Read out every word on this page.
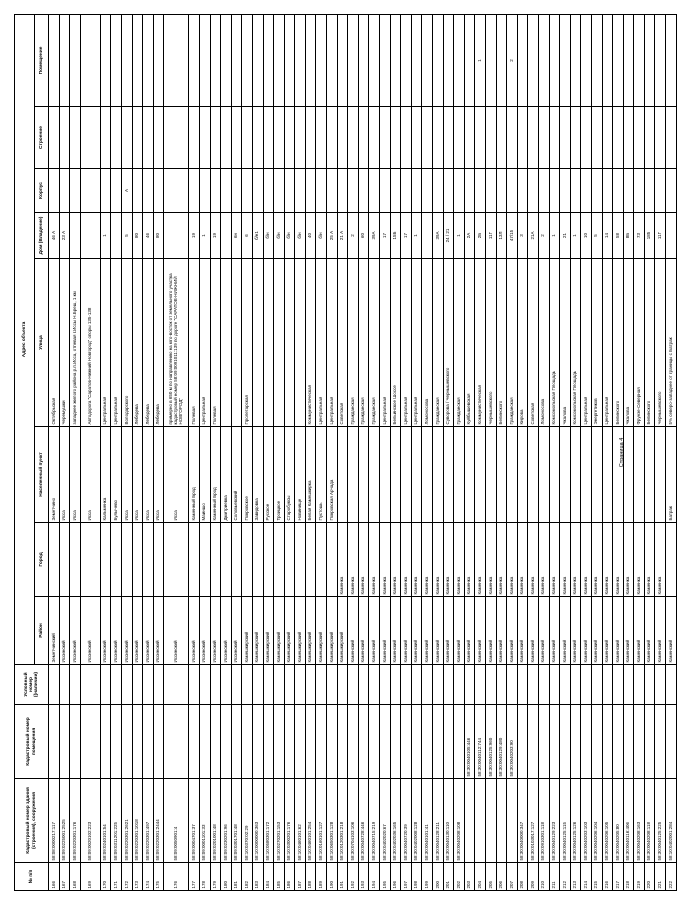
№ п/п	Кадастровый номер здания (строения), сооружения	Кадастровый номер помещения	Условный номер ((наличии)	Адрес объекта							
				Район	Город	Населенный пункт	Улица	Дом (Владение)	Корпус	Строение	Помещение
166	58:08:0000217:117			Земетчинский		Земетчино	Октябрьская	46 А			
167	58:09:0225001:2525			Иссинский		Исса	Черемушки	23 А			
168	58:09:0220301:176			Иссинский		Исса	западнее жилого района р.п.Исса, отпевая г.Иссы Н.Бреш, 1 км				
169	58:09:0020102:223			Иссинский		Исса	Автодорога "Саратов-Нижний Новгород" опоры 135-138				
170	58:09:0240101:54			Иссинский		Кальменка	Центральная	1			
171	58:09:0311201:225			Иссинский		Булычево	Центральная				
172	58:09:0220301:2621			Иссинский		Исса	Володарского	5	А		
173	58:09:0220301:1018			Иссинский		Исса	Лебедева	80			
174	58:09:0220301:497			Иссинский		Исса	Лебедева	46			
175	58:09:0220301:2444			Иссинский		Исса	Лебедева	80			
176	58:09:0050901:4			Иссинский		Исса	примерно в 650 м по направлению на юго-восток от земельного участка кадастровый номер 58:09:0091011:139 по дороге "САРАТОВ-НИЖНИЙ НОВГОРОД"				
177	58:09:0004701:37			Иссинский		Каменный Брод	Полевая	19			
178	58:09:0001101:33			Иссинский		Маиншо	Центральная	1			
179	58:09:0201001:48			Иссинский		Каменный Брод	Полевая	19			
180	58:09:0230201:96			Иссинский		Дмитриевка					
181	58:09:0301701:48			Иссинский		Соловьевский		6н			
182	58:10:0370:02:29			Камешкирский		Покровское	Пролетарская	6			
183	58:10:0000000:363			Камешкирский		Завидовка		б/н1			
184	58:10:0580301:172			Камешкирский		Русское		б/н			
185	58:10:0270201:153			Камешкирский		Троицкое		б/н			
186	58:10:0300201:176			Камешкирский		Старобуксы		б/н			
187	58:10:0460101:62			Камешкирский		Новинище		б/н			
188	58:10:0460101:254			Камешкирский		Белая Камешкирка	Коммунистическая	40			
189	58:10:0160101:127			Камешкирский		Пустошь	Центральная	б/н			
190	58:10:0650301:128			Камешкирский		Покровская Арчада	Центральная	25 А			
191	58:10:0120301:218			Камешкирский	Каменка		Советская	21 А			
192	58:30:0704103:106			Каменский	Каменка		Гражданская	2			
193	58:30:0040728:446			Каменский	Каменка		Гражданская	60			
194	58:30:0040715:219			Каменский	Каменка		Гражданская	39А			
195	58:30:0402020:67			Каменский	Каменка		Центральная	17			
196	58:30:0402036:165			Каменский	Каменка		Бельинское Шоссе	15Б			
197	58:30:0040720:39			Каменский	Каменка		Центральная	17			
198	58:30:0402008:128			Каменский	Каменка		Центральная	1			
199	58:30:0040101:41			Каменский	Каменка		Ломоносова				
200	58:30:0040128:211			Каменский	Каменка		Гражданская	39А			
201	58:30:0040130:110			Каменский	Каменка		Суворова / Чернышевского	24 / 21			
202	58:30:0040208:108			Каменский	Каменка		Гражданская	1			
203		58:30:0040105:446		Каменский	Каменка		Куйбышевская	2А			
204		58:30:0040112:744		Каменский	Каменка		Коммунистическая	2Б			1
205		58:30:0040125:960		Каменский	Каменка		Чернышевского	11Г			
206		58:30:0040129:480		Каменский	Каменка		Белинского	13Л			
207		58:30:0040203:90		Каменский	Каменка		Гражданская	47/15			2
208	58:30:0040000:347			Каменский	Каменка		Кирова	3			
209	58:30:0103017:127			Каменский	Каменка		Советская	21А			
210	58:30:0910301:118			Каменский	Каменка		Ломоносова	2			
211	58:30:0040129:223			Каменский	Каменка		Комсомольская Площадь	1			
212	58:30:0040125:115			Каменский	Каменка		Чкалова	21			
213	58:30:0040125:126			Каменский	Каменка		Комсомольская Площадь	1			
214	58:30:0040203:103			Каменский	Каменка		Центральная	10			
215	58:30:0040206:104			Каменский	Каменка		Энергетиков	5			
216	58:30:0040206:105			Каменский	Каменка		Центральная	14			
217	58:30:0040205:80			Каменский	Каменка		Белинского	58			
218	58:30:0040116:406			Каменский	Каменка		Чкалова	8Б			
219	58:30:0040208:163			Каменский	Каменка		Фрунзе-Северная	73			
220	58:30:0040208:118			Каменский	Каменка		Белинского	185			
221	58:30:0040125:225			Каменский	Каменка		Чернышевского	11Г			
222	58:10:0402001:284			Каменский		Батрак	5% северо-западнее от границы с Батрак				
Страница 4
